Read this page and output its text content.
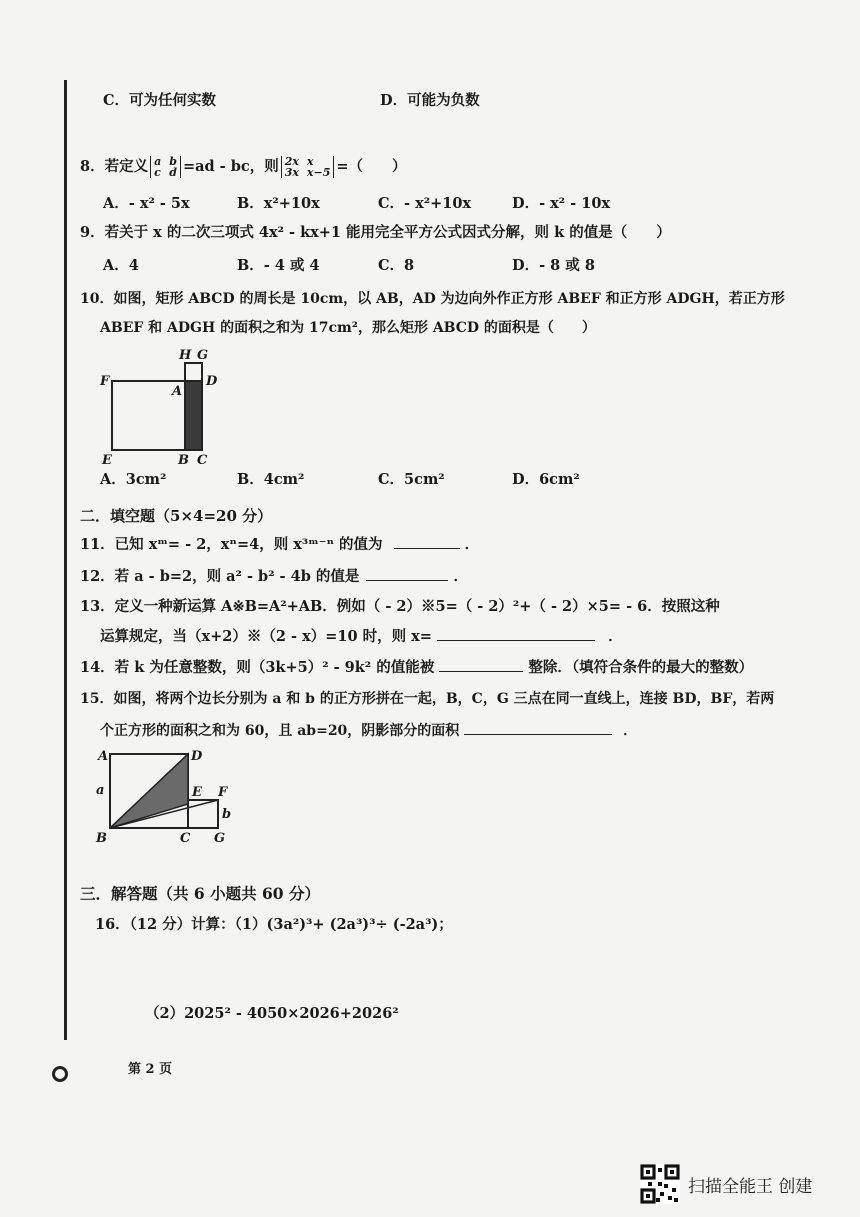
C．可为任何实数	D．可能为负数
8．若定义 a b
c d =ad - bc，则 2x x
3x x−5 =（　　）
A．- x² - 5x	B．x²+10x	C．- x²+10x	D．- x² - 10x
9．若关于 x 的二次三项式 4x² - kx+1 能用完全平方公式因式分解，则 k 的值是（　　）
A．4	B．- 4 或 4	C．8	D．- 8 或 8
10．如图，矩形 ABCD 的周长是 10cm，以 AB，AD 为边向外作正方形 ABEF 和正方形 ADGH，若正方形
ABEF 和 ADGH 的面积之和为 17cm²，那么矩形 ABCD 的面积是（　　）
H G
F
A
D
E	B C
A．3cm²	B．4cm²	C．5cm²	D．6cm²
二．填空题（5×4=20 分）
11．已知 xᵐ= - 2，xⁿ=4，则 x³ᵐ⁻ⁿ 的值为	．
12．若 a - b=2，则 a² - b² - 4b 的值是	．
13．定义一种新运算 A※B=A²+AB．例如（ - 2）※5=（ - 2）²+（ - 2）×5= - 6．按照这种
运算规定，当（x+2）※（2 - x）=10 时，则 x=	．
14．若 k 为任意整数，则（3k+5）² - 9k² 的值能被	整除．（填符合条件的最大的整数）
15．如图，将两个边长分别为 a 和 b 的正方形拼在一起，B，C，G 三点在同一直线上，连接 BD，BF，若两
个正方形的面积之和为 60，且 ab=20，阴影部分的面积	．
A	D
a	E F
b
B	C G
三．解答题（共 6 小题共 60 分）
16．（12 分）计算：（1）(3a²)³+ (2a³)³÷ (-2a³)；
（2）2025² - 4050×2026+2026²
第 2 页
扫描全能王 创建
